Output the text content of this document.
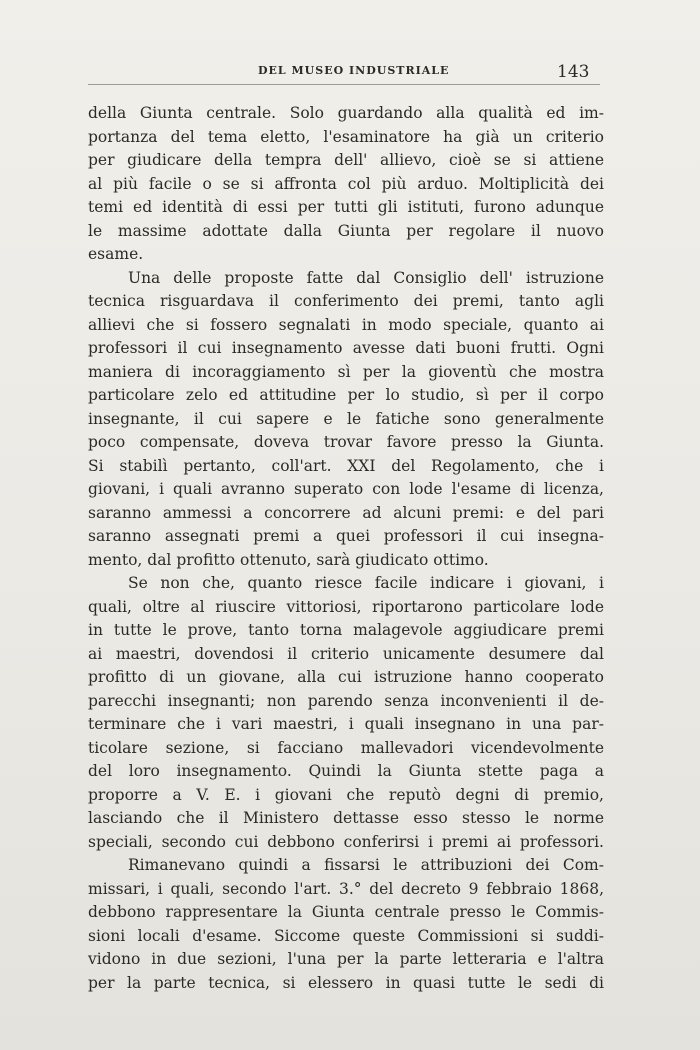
DEL MUSEO INDUSTRIALE	143
della Giunta centrale. Solo guardando alla qualità ed im-
portanza del tema eletto, l'esaminatore ha già un criterio
per giudicare della tempra dell' allievo, cioè se si attiene
al più facile o se si affronta col più arduo. Moltiplicità dei
temi ed identità di essi per tutti gli istituti, furono adunque
le massime adottate dalla Giunta per regolare il nuovo
esame.
Una delle proposte fatte dal Consiglio dell' istruzione
tecnica risguardava il conferimento dei premi, tanto agli
allievi che si fossero segnalati in modo speciale, quanto ai
professori il cui insegnamento avesse dati buoni frutti. Ogni
maniera di incoraggiamento sì per la gioventù che mostra
particolare zelo ed attitudine per lo studio, sì per il corpo
insegnante, il cui sapere e le fatiche sono generalmente
poco compensate, doveva trovar favore presso la Giunta.
Si stabilì pertanto, coll'art. XXI del Regolamento, che i
giovani, i quali avranno superato con lode l'esame di licenza,
saranno ammessi a concorrere ad alcuni premi: e del pari
saranno assegnati premi a quei professori il cui insegna-
mento, dal profitto ottenuto, sarà giudicato ottimo.
Se non che, quanto riesce facile indicare i giovani, i
quali, oltre al riuscire vittoriosi, riportarono particolare lode
in tutte le prove, tanto torna malagevole aggiudicare premi
ai maestri, dovendosi il criterio unicamente desumere dal
profitto di un giovane, alla cui istruzione hanno cooperato
parecchi insegnanti; non parendo senza inconvenienti il de-
terminare che i vari maestri, i quali insegnano in una par-
ticolare sezione, si facciano mallevadori vicendevolmente
del loro insegnamento. Quindi la Giunta stette paga a
proporre a V. E. i giovani che reputò degni di premio,
lasciando che il Ministero dettasse esso stesso le norme
speciali, secondo cui debbono conferirsi i premi ai professori.
Rimanevano quindi a fissarsi le attribuzioni dei Com-
missari, i quali, secondo l'art. 3.° del decreto 9 febbraio 1868,
debbono rappresentare la Giunta centrale presso le Commis-
sioni locali d'esame. Siccome queste Commissioni si suddi-
vidono in due sezioni, l'una per la parte letteraria e l'altra
per la parte tecnica, si elessero in quasi tutte le sedi di
